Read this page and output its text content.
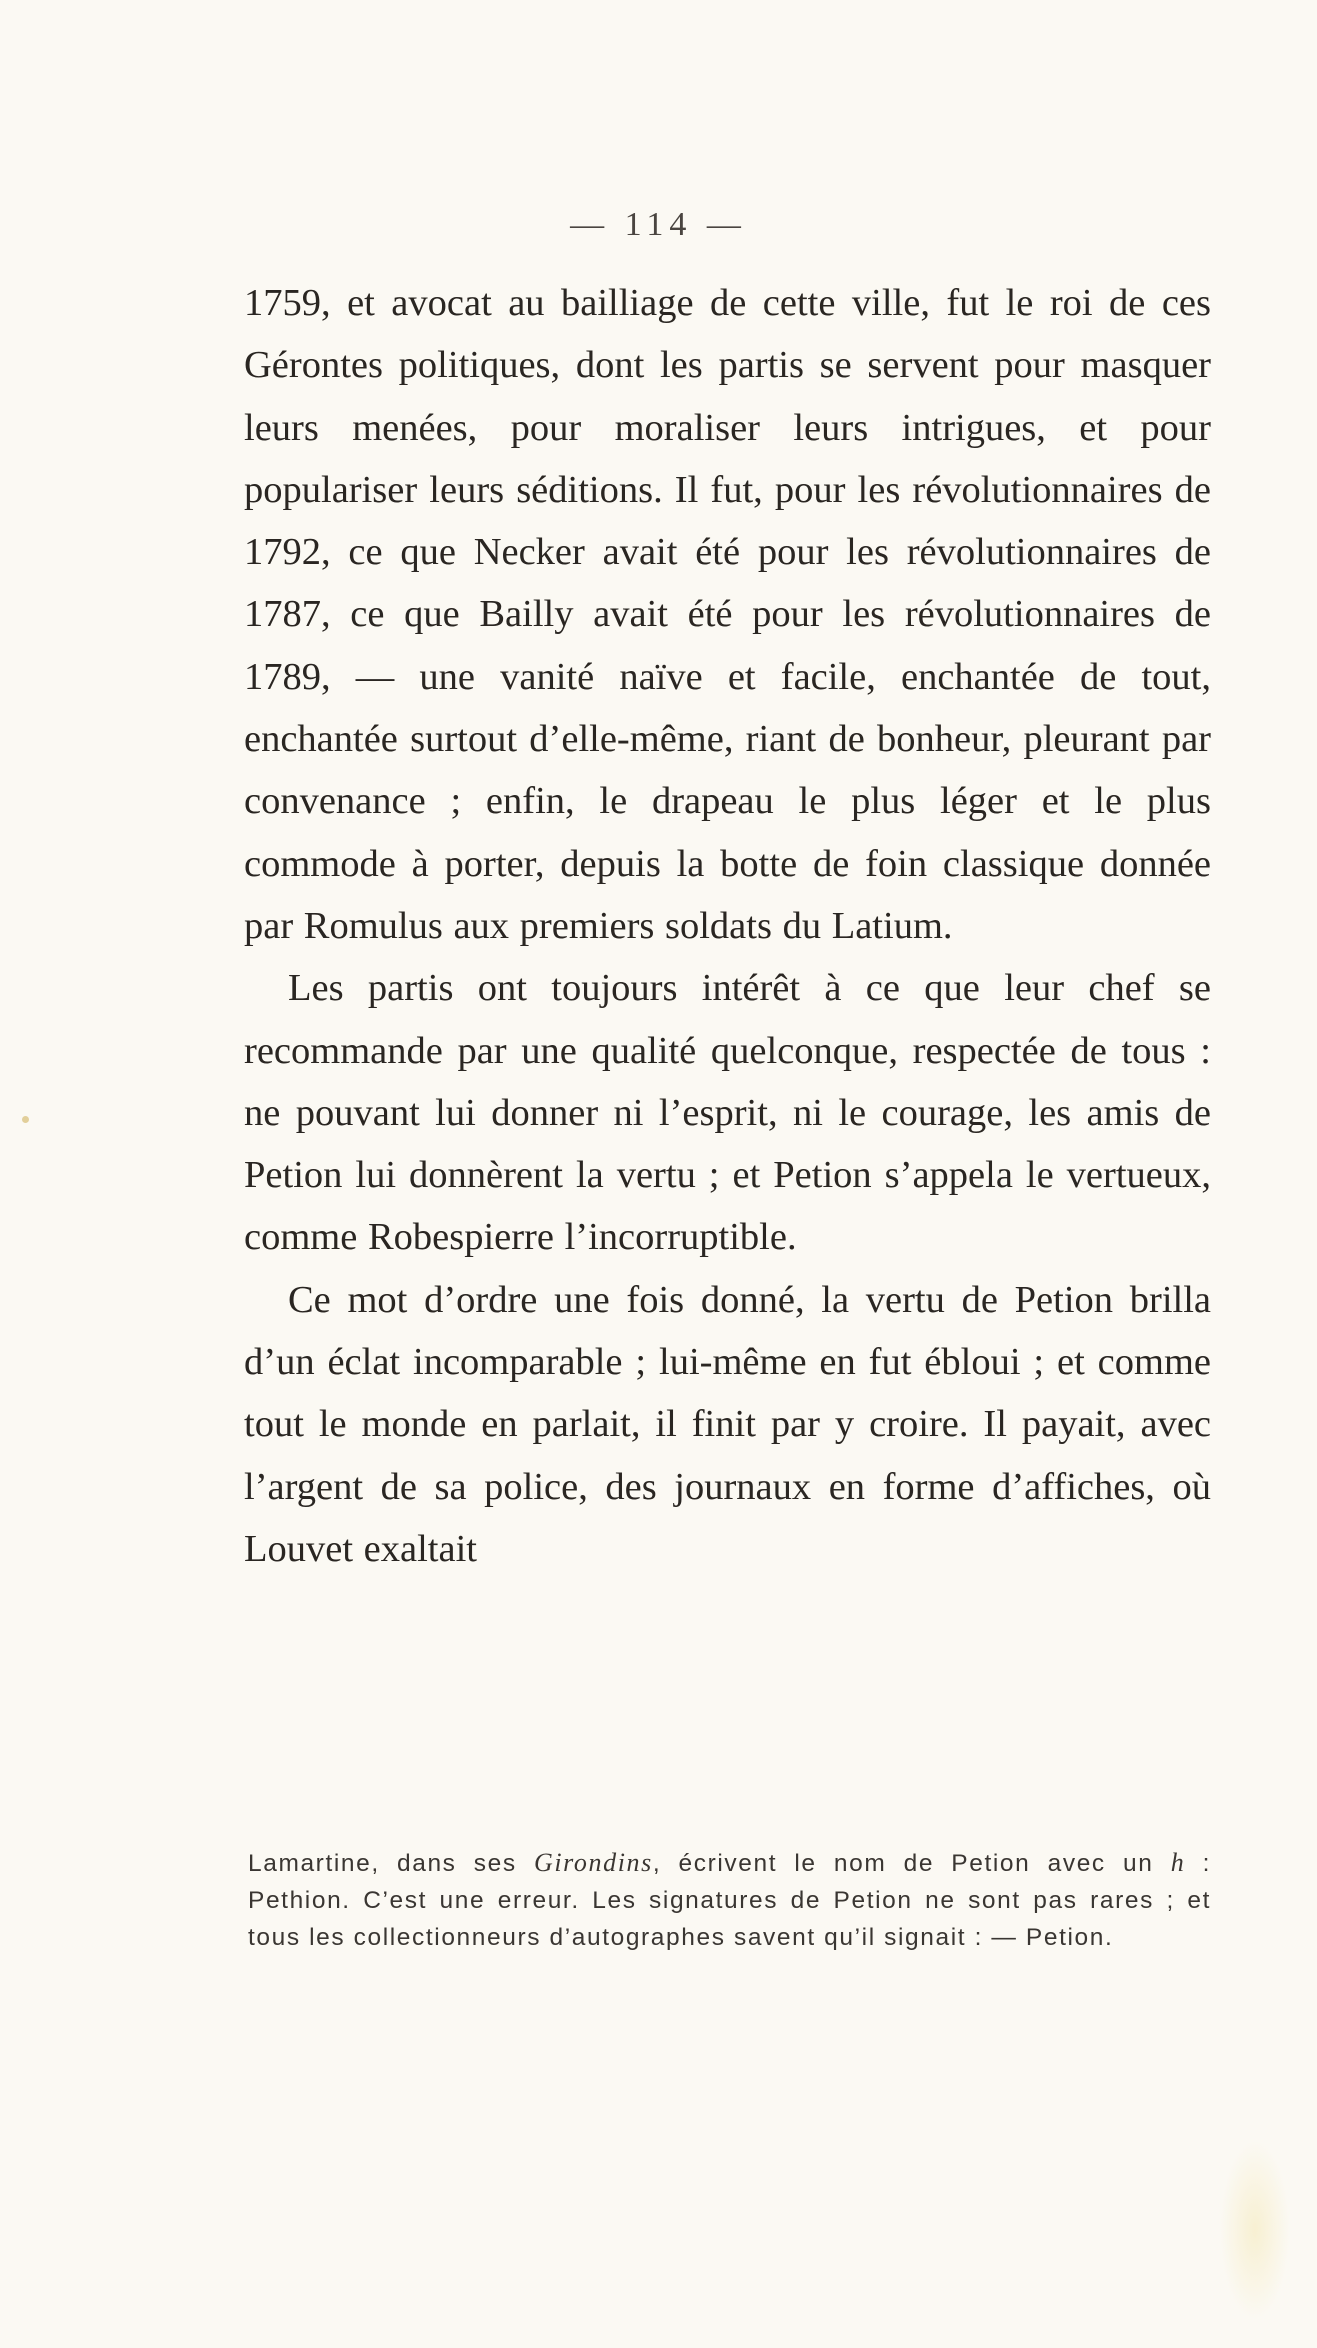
— 114 —

1759, et avocat au bailliage de cette ville, fut le roi de ces Gérontes politiques, dont les partis se servent pour masquer leurs menées, pour moraliser leurs intrigues, et pour populariser leurs séditions. Il fut, pour les révolutionnaires de 1792, ce que Necker avait été pour les révolutionnaires de 1787, ce que Bailly avait été pour les révolutionnaires de 1789, — une vanité naïve et facile, enchantée de tout, enchantée surtout d’elle-même, riant de bonheur, pleurant par convenance ; enfin, le drapeau le plus léger et le plus commode à porter, depuis la botte de foin classique donnée par Romulus aux premiers soldats du Latium.

Les partis ont toujours intérêt à ce que leur chef se recommande par une qualité quelconque, respectée de tous : ne pouvant lui donner ni l’esprit, ni le courage, les amis de Petion lui donnèrent la vertu ; et Petion s’appela le vertueux, comme Robespierre l’incorruptible.

Ce mot d’ordre une fois donné, la vertu de Petion brilla d’un éclat incomparable ; lui-même en fut ébloui ; et comme tout le monde en parlait, il finit par y croire. Il payait, avec l’argent de sa police, des journaux en forme d’affiches, où Louvet exaltait

Lamartine, dans ses Girondins, écrivent le nom de Petion avec un h : Pethion. C’est une erreur. Les signatures de Petion ne sont pas rares ; et tous les collectionneurs d’autographes savent qu’il signait : — Petion.
